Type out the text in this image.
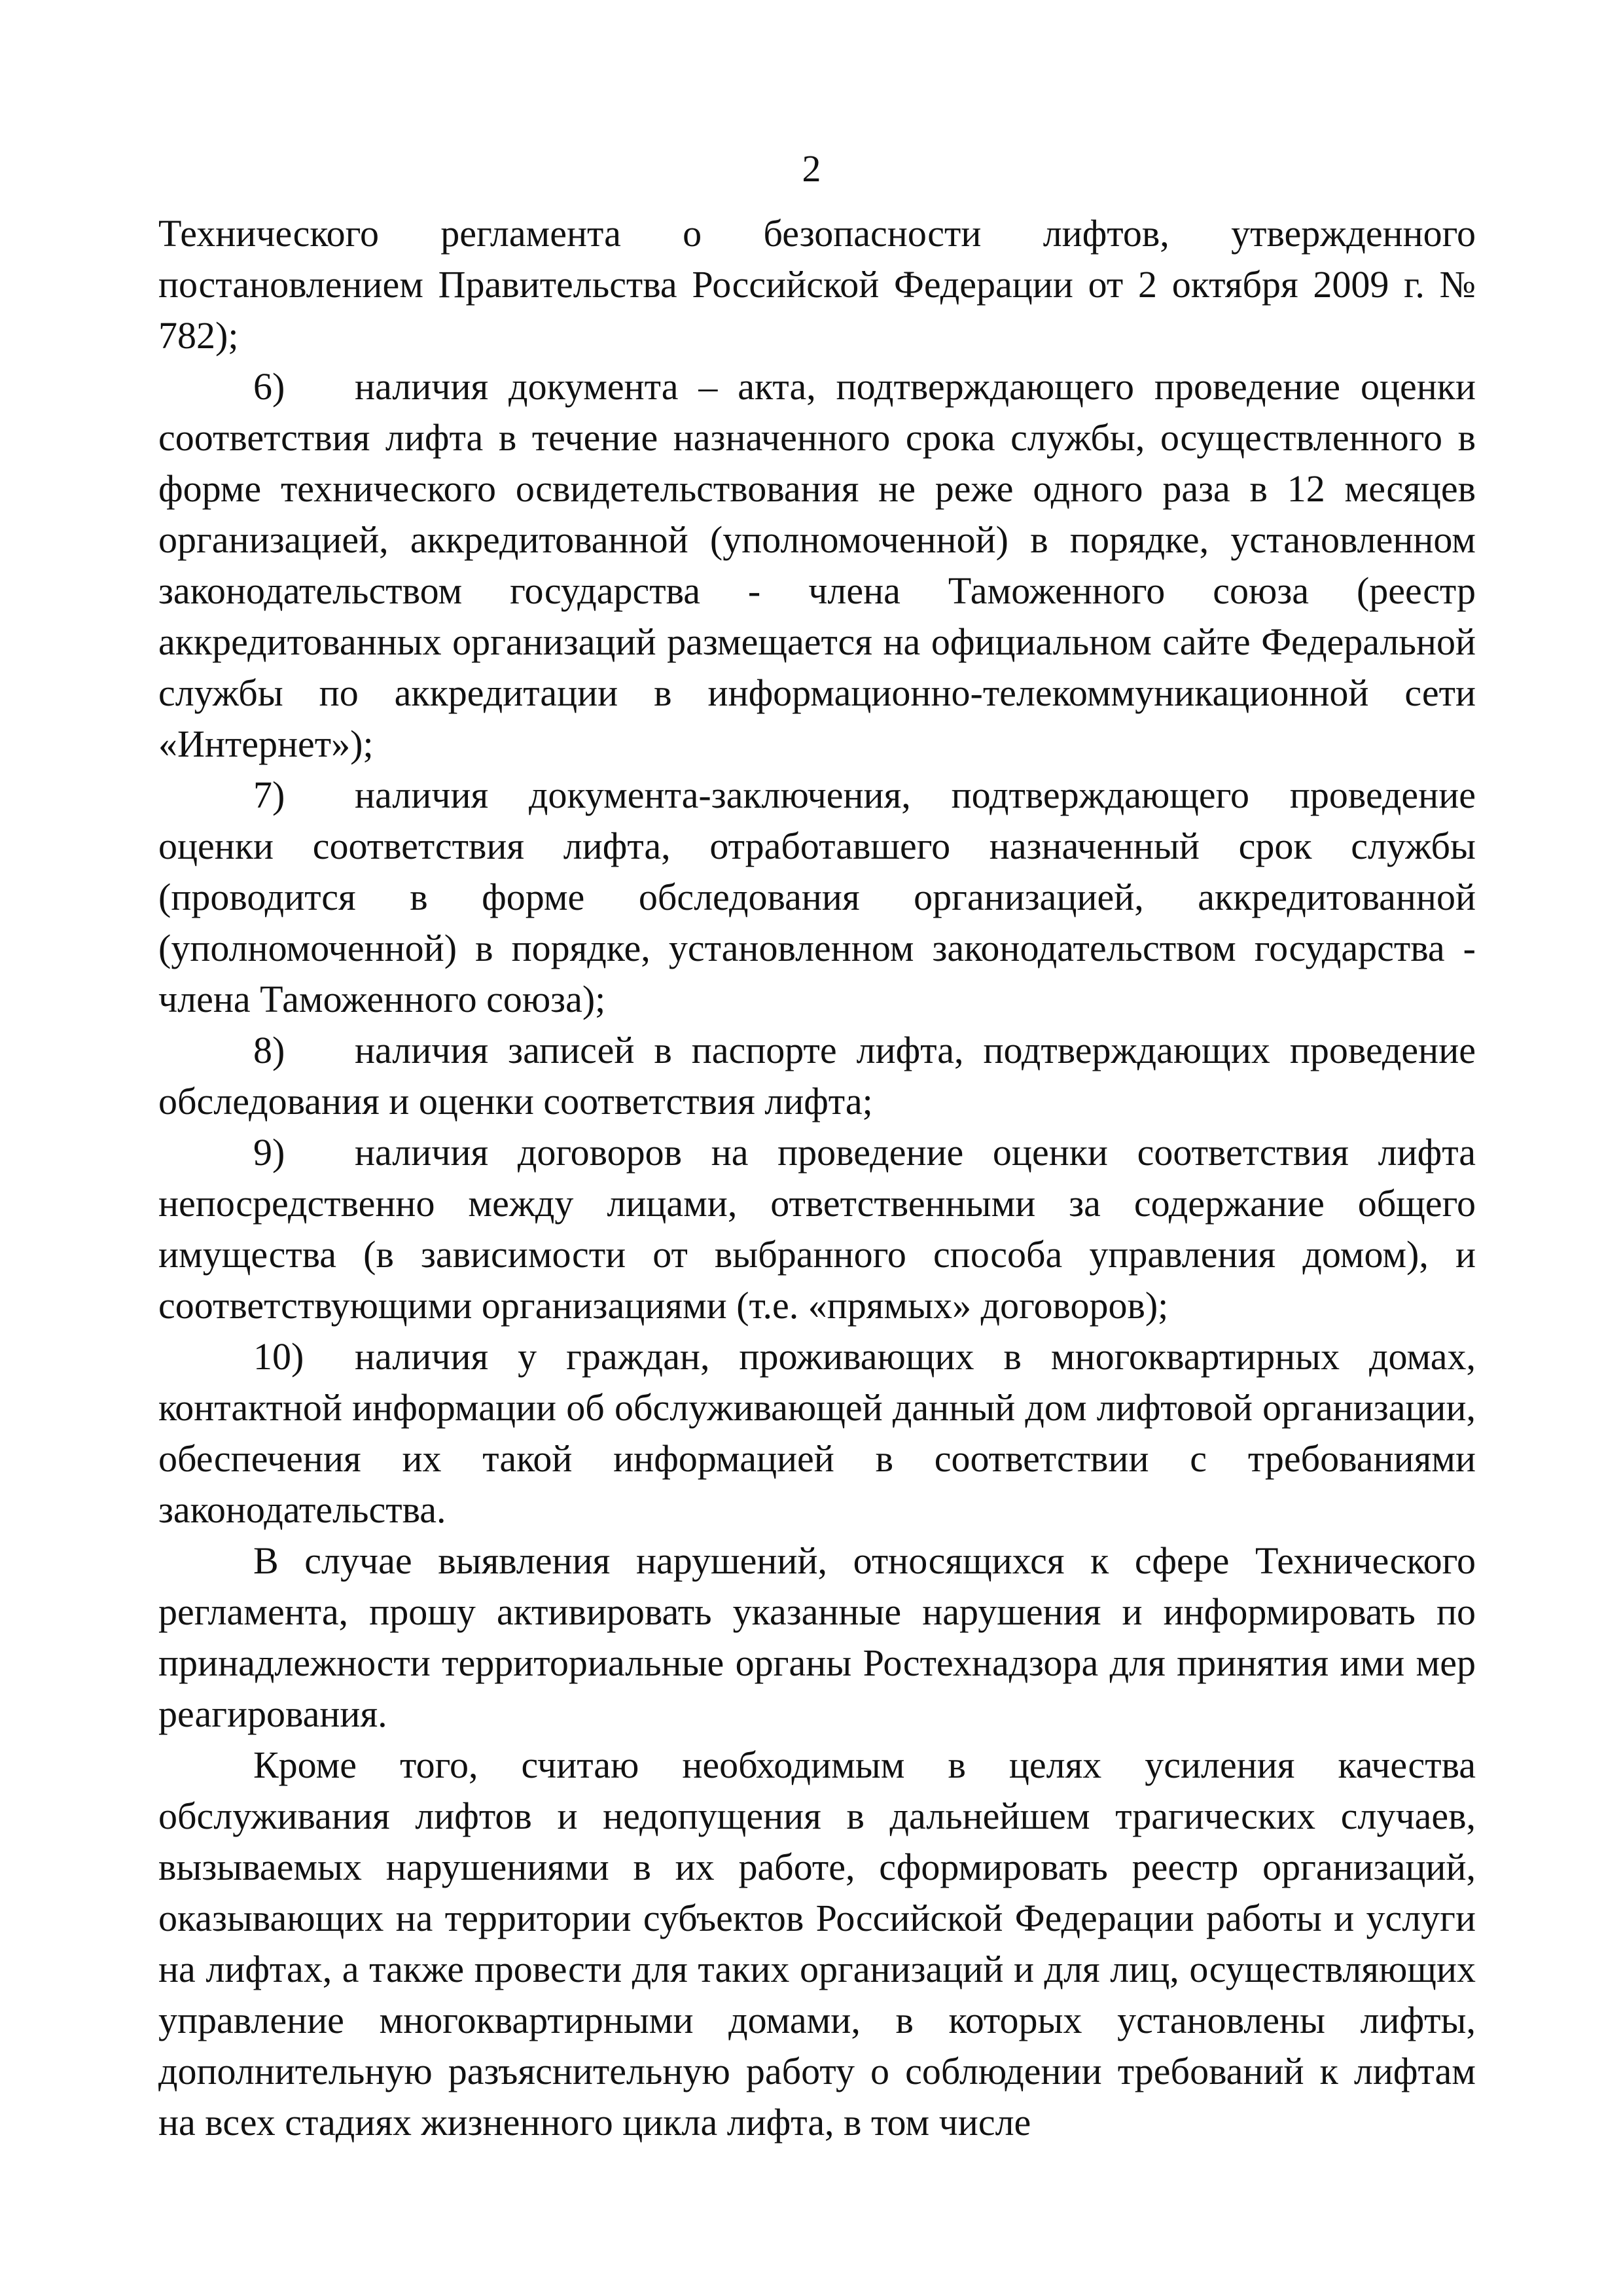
2

Технического регламента о безопасности лифтов, утвержденного постановлением Правительства Российской Федерации от 2 октября 2009 г. № 782);

6) наличия документа – акта, подтверждающего проведение оценки соответствия лифта в течение назначенного срока службы, осуществленного в форме технического освидетельствования не реже одного раза в 12 месяцев организацией, аккредитованной (уполномоченной) в порядке, установленном законодательством государства - члена Таможенного союза (реестр аккредитованных организаций размещается на официальном сайте Федеральной службы по аккредитации в информационно-телекоммуникационной сети «Интернет»);

7) наличия документа-заключения, подтверждающего проведение оценки соответствия лифта, отработавшего назначенный срок службы (проводится в форме обследования организацией, аккредитованной (уполномоченной) в порядке, установленном законодательством государства - члена Таможенного союза);

8) наличия записей в паспорте лифта, подтверждающих проведение обследования и оценки соответствия лифта;

9) наличия договоров на проведение оценки соответствия лифта непосредственно между лицами, ответственными за содержание общего имущества (в зависимости от выбранного способа управления домом), и соответствующими организациями (т.е. «прямых» договоров);

10) наличия у граждан, проживающих в многоквартирных домах, контактной информации об обслуживающей данный дом лифтовой организации, обеспечения их такой информацией в соответствии с требованиями законодательства.

В случае выявления нарушений, относящихся к сфере Технического регламента, прошу активировать указанные нарушения и информировать по принадлежности территориальные органы Ростехнадзора для принятия ими мер реагирования.

Кроме того, считаю необходимым в целях усиления качества обслуживания лифтов и недопущения в дальнейшем трагических случаев, вызываемых нарушениями в их работе, сформировать реестр организаций, оказывающих на территории субъектов Российской Федерации работы и услуги на лифтах, а также провести для таких организаций и для лиц, осуществляющих управление многоквартирными домами, в которых установлены лифты, дополнительную разъяснительную работу о соблюдении требований к лифтам на всех стадиях жизненного цикла лифта, в том числе
